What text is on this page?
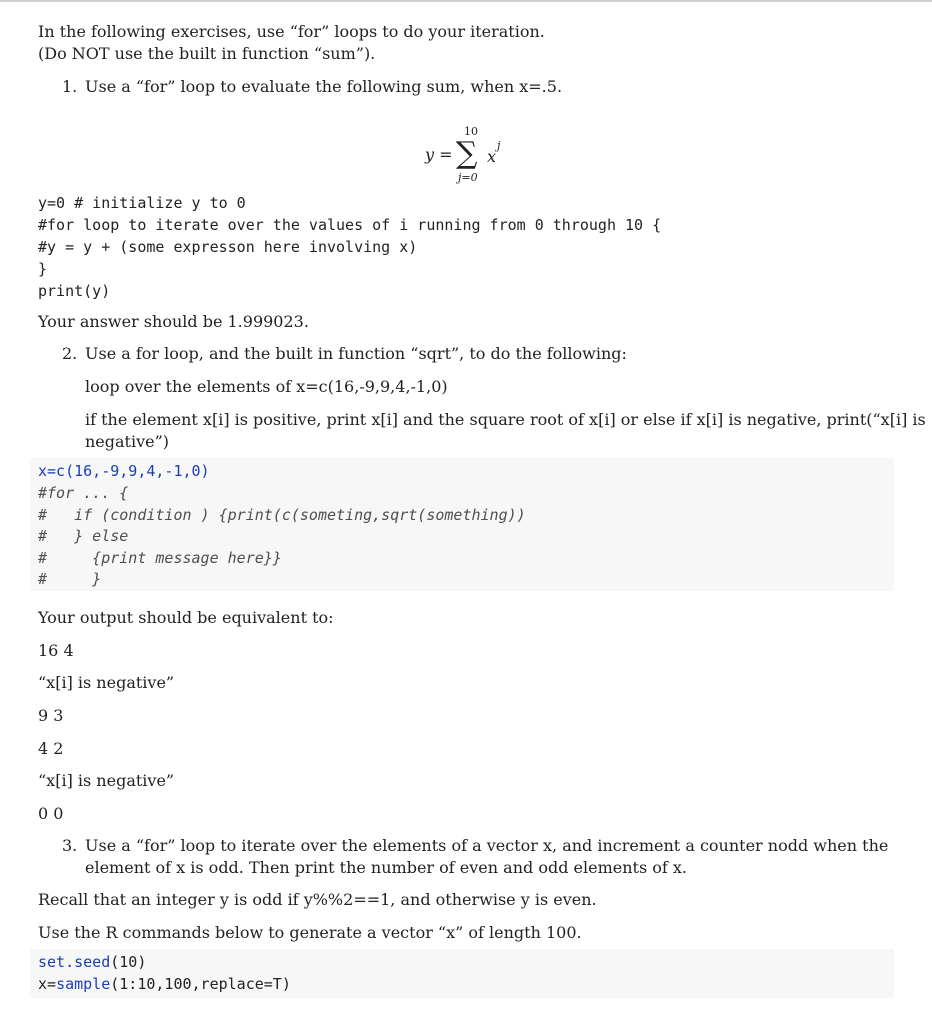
In the following exercises, use “for” loops to do your iteration.
(Do NOT use the built in function “sum”).
1. Use a “for” loop to evaluate the following sum, when x=.5.
y =
10
∑
j=0
x
j
y=0 # initialize y to 0
#for loop to iterate over the values of i running from 0 through 10 {
#y = y + (some expresson here involving x)
}
print(y)
Your answer should be 1.999023.
2. Use a for loop, and the built in function “sqrt”, to do the following:
loop over the elements of x=c(16,-9,9,4,-1,0)
if the element x[i] is positive, print x[i] and the square root of x[i] or else if x[i] is negative, print(“x[i] is
negative”)
x=c(16,-9,9,4,-1,0)
#for ... {
#   if (condition ) {print(c(someting,sqrt(something))
#   } else
#     {print message here}}
#     }
Your output should be equivalent to:
16 4
“x[i] is negative”
9 3
4 2
“x[i] is negative”
0 0
3. Use a “for” loop to iterate over the elements of a vector x, and increment a counter nodd when the
element of x is odd. Then print the number of even and odd elements of x.
Recall that an integer y is odd if y%%2==1, and otherwise y is even.
Use the R commands below to generate a vector “x” of length 100.
set.seed(10)
x=sample(1:10,100,replace=T)
